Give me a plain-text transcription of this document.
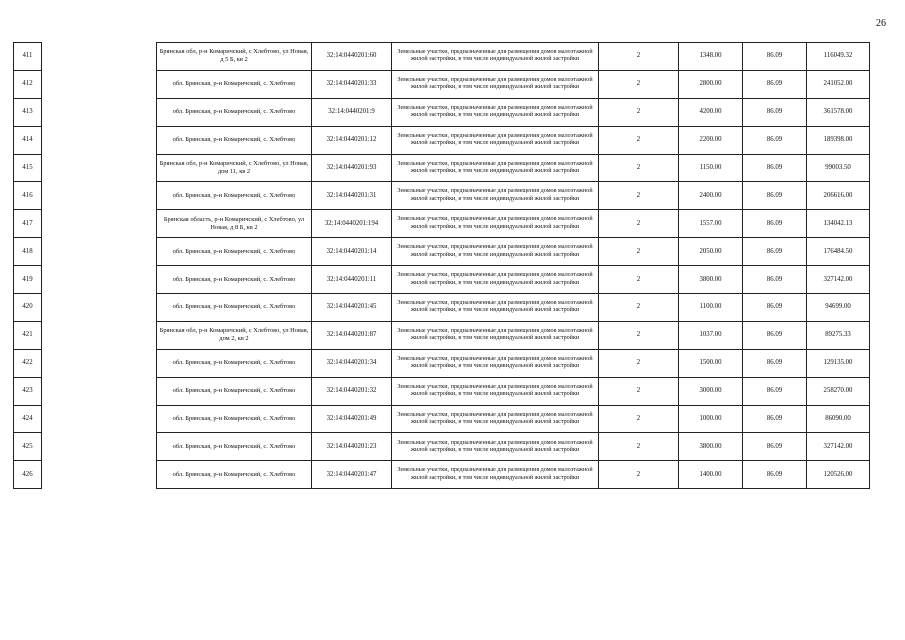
26
411		Брянская обл, р-н Комаричский, с Хлебтово, ул Новая, д 5 Б, кв 2	32:14:0440201:60	Земельные участки, предназначенные для размещения домов малоэтажной жилой застройки, в том числе индивидуальной жилой застройки	2	1348.00	86.09	116049.32
412		обл. Брянская, р-н Комаричский, с. Хлебтово	32:14:0440201:33	Земельные участки, предназначенные для размещения домов малоэтажной жилой застройки, в том числе индивидуальной жилой застройки	2	2800.00	86.09	241052.00
413		обл. Брянская, р-н Комаричский, с. Хлебтово	32:14:0440201:9	Земельные участки, предназначенные для размещения домов малоэтажной жилой застройки, в том числе индивидуальной жилой застройки	2	4200.00	86.09	361578.00
414		обл. Брянская, р-н Комаричский, с. Хлебтово	32:14:0440201:12	Земельные участки, предназначенные для размещения домов малоэтажной жилой застройки, в том числе индивидуальной жилой застройки	2	2200.00	86.09	189398.00
415		Брянская обл, р-н Комаричский, с Хлебтово, ул Новая, дом 11, кв 2	32:14:0440201:93	Земельные участки, предназначенные для размещения домов малоэтажной жилой застройки, в том числе индивидуальной жилой застройки	2	1150.00	86.09	99003.50
416		обл. Брянская, р-н Комаричский, с. Хлебтово	32:14:0440201:31	Земельные участки, предназначенные для размещения домов малоэтажной жилой застройки, в том числе индивидуальной жилой застройки	2	2400.00	86.09	206616.00
417		Брянская область, р-н Комаричский, с Хлебтово, ул Новая, д 8 Б, кв 2	32:14:0440201:194	Земельные участки, предназначенные для размещения домов малоэтажной жилой застройки, в том числе индивидуальной жилой застройки	2	1557.00	86.09	134042.13
418		обл. Брянская, р-н Комаричский, с. Хлебтово	32:14:0440201:14	Земельные участки, предназначенные для размещения домов малоэтажной жилой застройки, в том числе индивидуальной жилой застройки	2	2050.00	86.09	176484.50
419		обл. Брянская, р-н Комаричский, с. Хлебтово	32:14:0440201:11	Земельные участки, предназначенные для размещения домов малоэтажной жилой застройки, в том числе индивидуальной жилой застройки	2	3800.00	86.09	327142.00
420		обл. Брянская, р-н Комаричский, с. Хлебтово	32:14:0440201:45	Земельные участки, предназначенные для размещения домов малоэтажной жилой застройки, в том числе индивидуальной жилой застройки	2	1100.00	86.09	94699.00
421		Брянская обл, р-н Комаричский, с Хлебтово, ул Новая, дом 2, кв 2	32:14:0440201:87	Земельные участки, предназначенные для размещения домов малоэтажной жилой застройки, в том числе индивидуальной жилой застройки	2	1037.00	86.09	89275.33
422		обл. Брянская, р-н Комаричский, с. Хлебтово	32:14:0440201:34	Земельные участки, предназначенные для размещения домов малоэтажной жилой застройки, в том числе индивидуальной жилой застройки	2	1500.00	86.09	129135.00
423		обл. Брянская, р-н Комаричский, с. Хлебтово	32:14:0440201:32	Земельные участки, предназначенные для размещения домов малоэтажной жилой застройки, в том числе индивидуальной жилой застройки	2	3000.00	86.09	258270.00
424		обл. Брянская, р-н Комаричский, с. Хлебтово	32:14:0440201:49	Земельные участки, предназначенные для размещения домов малоэтажной жилой застройки, в том числе индивидуальной жилой застройки	2	1000.00	86.09	86090.00
425		обл. Брянская, р-н Комаричский, с. Хлебтово	32:14:0440201:23	Земельные участки, предназначенные для размещения домов малоэтажной жилой застройки, в том числе индивидуальной жилой застройки	2	3800.00	86.09	327142.00
426		обл. Брянская, р-н Комаричский, с. Хлебтово	32:14:0440201:47	Земельные участки, предназначенные для размещения домов малоэтажной жилой застройки, в том числе индивидуальной жилой застройки	2	1400.00	86.09	120526.00
